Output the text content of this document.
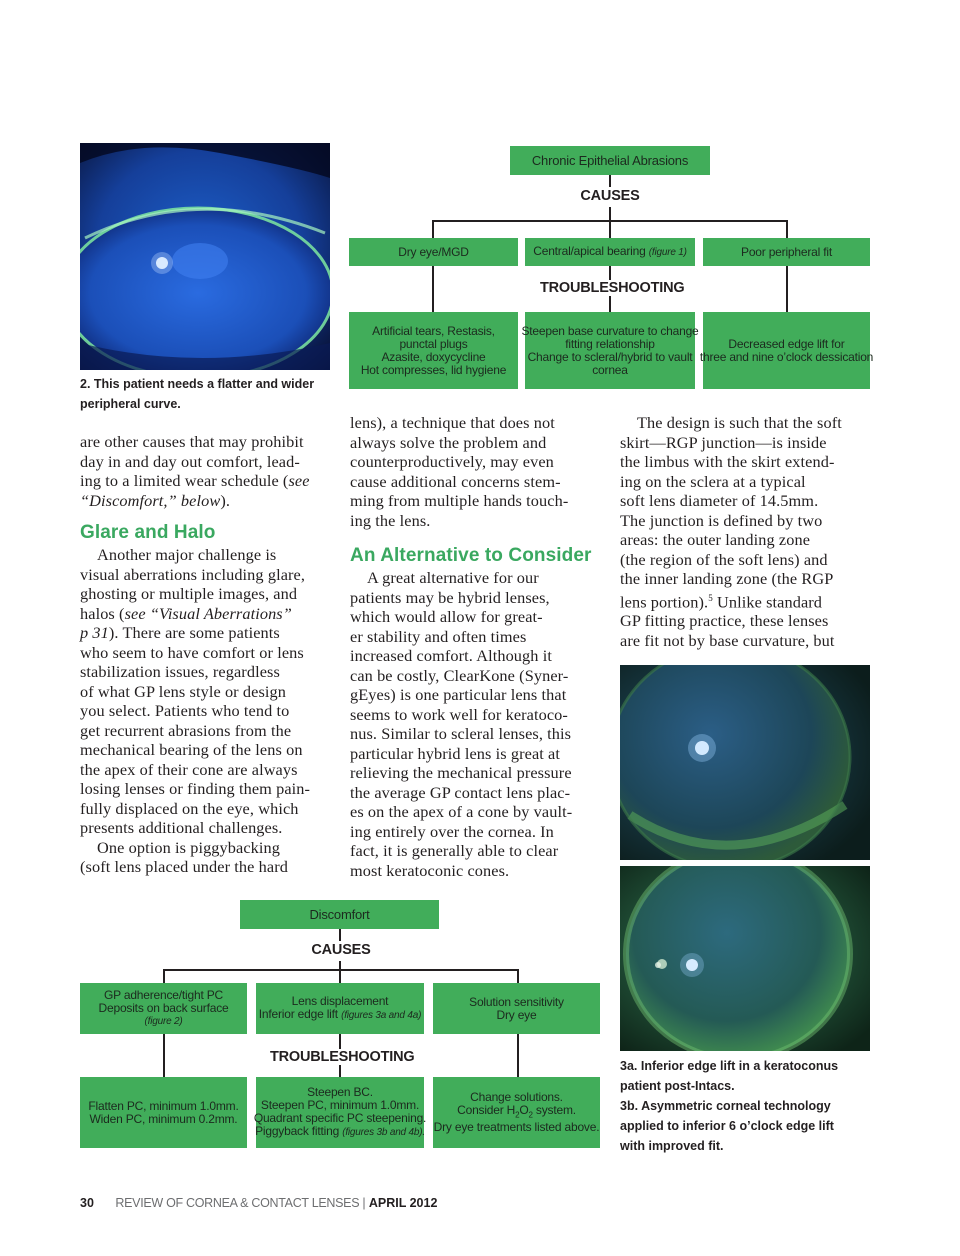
2. This patient needs a flatter and wider

peripheral curve.

Chronic Epithelial Abrasions
CAUSES
Dry eye/MGD	Central/apical bearing (figure 1)	Poor peripheral fit
TROUBLESHOOTING
Artificial tears, Restasis,
punctal plugs
Azasite, doxycycline
Hot compresses, lid hygiene
Steepen base curvature to change
fitting relationship
Change to scleral/hybrid to vault
cornea
Decreased edge lift for
three and nine o’clock dessication

are other causes that may prohibit

day in and day out comfort, lead-

ing to a limited wear schedule (see

“Discomfort,” below).

Glare and Halo

Another major challenge is

visual aberrations including glare,

ghosting or multiple images, and

halos (see “Visual Aberrations”

p 31). There are some patients

who seem to have comfort or lens

stabilization issues, regardless

of what GP lens style or design

you select. Patients who tend to

get recurrent abrasions from the

mechanical bearing of the lens on

the apex of their cone are always

losing lenses or finding them pain-

fully displaced on the eye, which

presents additional challenges.

One option is piggybacking

(soft lens placed under the hard

lens), a technique that does not

always solve the problem and

counterproductively, may even

cause additional concerns stem-

ming from multiple hands touch-

ing the lens.

An Alternative to Consider

A great alternative for our

patients may be hybrid lenses,

which would allow for great-

er stability and often times

increased comfort. Although it

can be costly, ClearKone (Syner-

gEyes) is one particular lens that

seems to work well for keratoco-

nus. Similar to scleral lenses, this

particular hybrid lens is great at

relieving the mechanical pressure

the average GP contact lens plac-

es on the apex of a cone by vault-

ing entirely over the cornea. In

fact, it is generally able to clear

most keratoconic cones.

The design is such that the soft

skirt—RGP junction—is inside

the limbus with the skirt extend-

ing on the sclera at a typical

soft lens diameter of 14.5mm.

The junction is defined by two

areas: the outer landing zone

(the region of the soft lens) and

the inner landing zone (the RGP

lens portion).$^5$ Unlike standard

GP fitting practice, these lenses

are fit not by base curvature, but

3a. Inferior edge lift in a keratoconus

patient post-Intacs.

3b. Asymmetric corneal technology

applied to inferior 6 o’clock edge lift

with improved fit.

Discomfort
CAUSES
GP adherence/tight PC
Deposits on back surface
(figure 2)
Lens displacement
Inferior edge lift (figures 3a and 4a)
Solution sensitivity
Dry eye
TROUBLESHOOTING
Flatten PC, minimum 1.0mm.
Widen PC, minimum 0.2mm.
Steepen BC.
Steepen PC, minimum 1.0mm.
Quadrant specific PC steepening.
Piggyback fitting (figures 3b and 4b).
Change solutions.
Consider $H_2O_2$ system.
Dry eye treatments listed above.
30 REVIEW OF CORNEA & CONTACT LENSES | APRIL 2012
